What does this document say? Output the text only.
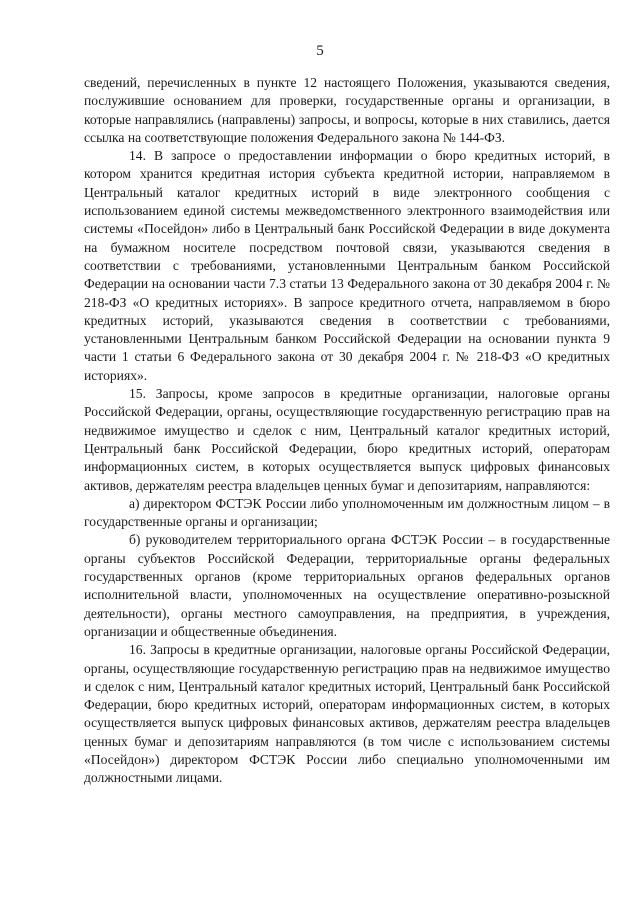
5

сведений, перечисленных в пункте 12 настоящего Положения, указываются сведения, послужившие основанием для проверки, государственные органы и организации, в которые направлялись (направлены) запросы, и вопросы, которые в них ставились, дается ссылка на соответствующие положения Федерального закона № 144-ФЗ.

14. В запросе о предоставлении информации о бюро кредитных историй, в котором хранится кредитная история субъекта кредитной истории, направляемом в Центральный каталог кредитных историй в виде электронного сообщения с использованием единой системы межведомственного электронного взаимодействия или системы «Посейдон» либо в Центральный банк Российской Федерации в виде документа на бумажном носителе посредством почтовой связи, указываются сведения в соответствии с требованиями, установленными Центральным банком Российской Федерации на основании части 7.3 статьи 13 Федерального закона от 30 декабря 2004 г. № 218-ФЗ «О кредитных историях». В запросе кредитного отчета, направляемом в бюро кредитных историй, указываются сведения в соответствии с требованиями, установленными Центральным банком Российской Федерации на основании пункта 9 части 1 статьи 6 Федерального закона от 30 декабря 2004 г. № 218-ФЗ «О кредитных историях».

15. Запросы, кроме запросов в кредитные организации, налоговые органы Российской Федерации, органы, осуществляющие государственную регистрацию прав на недвижимое имущество и сделок с ним, Центральный каталог кредитных историй, Центральный банк Российской Федерации, бюро кредитных историй, операторам информационных систем, в которых осуществляется выпуск цифровых финансовых активов, держателям реестра владельцев ценных бумаг и депозитариям, направляются:

а) директором ФСТЭК России либо уполномоченным им должностным лицом – в государственные органы и организации;

б) руководителем территориального органа ФСТЭК России – в государственные органы субъектов Российской Федерации, территориальные органы федеральных государственных органов (кроме территориальных органов федеральных органов исполнительной власти, уполномоченных на осуществление оперативно-розыскной деятельности), органы местного самоуправления, на предприятия, в учреждения, организации и общественные объединения.

16. Запросы в кредитные организации, налоговые органы Российской Федерации, органы, осуществляющие государственную регистрацию прав на недвижимое имущество и сделок с ним, Центральный каталог кредитных историй, Центральный банк Российской Федерации, бюро кредитных историй, операторам информационных систем, в которых осуществляется выпуск цифровых финансовых активов, держателям реестра владельцев ценных бумаг и депозитариям направляются (в том числе с использованием системы «Посейдон») директором ФСТЭК России либо специально уполномоченными им должностными лицами.
